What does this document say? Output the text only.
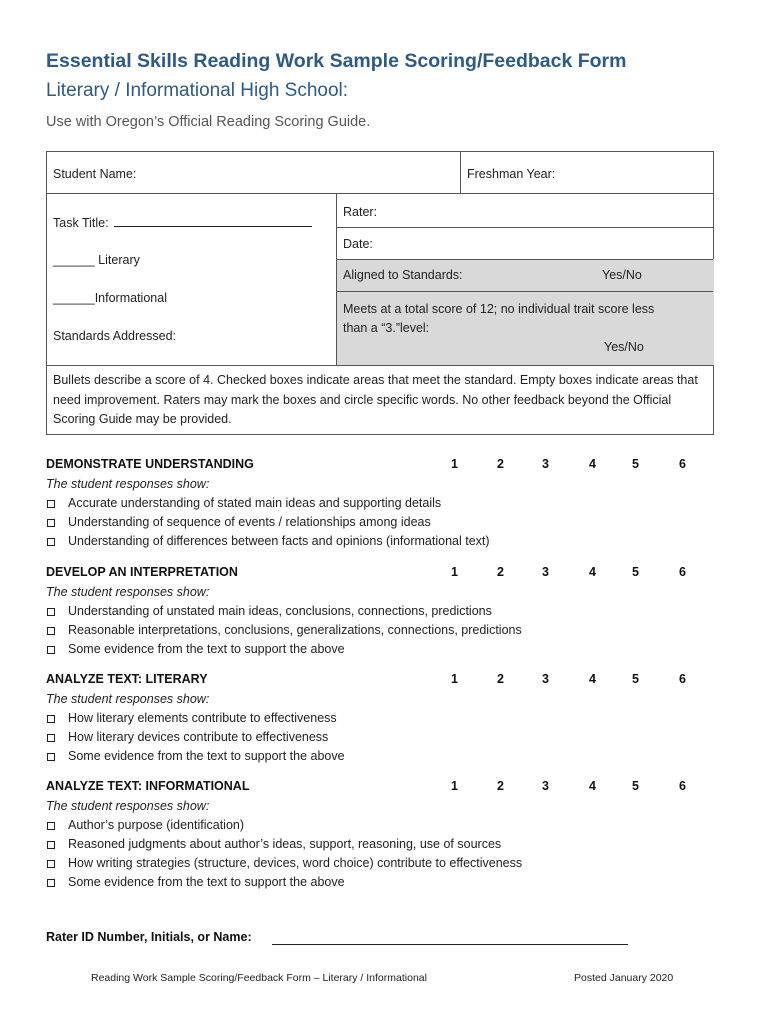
Essential Skills Reading Work Sample Scoring/Feedback Form
Literary / Informational High School:
Use with Oregon’s Official Reading Scoring Guide.
Student Name:	Freshman Year:
Task Title:
______ Literary
______Informational
Standards Addressed:
Rater:
Date:
Aligned to Standards:	Yes/No
Meets at a total score of 12; no individual trait score less
than a “3.”level:
Yes/No
Bullets describe a score of 4. Checked boxes indicate areas that meet the standard. Empty boxes indicate areas that need improvement. Raters may mark the boxes and circle specific words. No other feedback beyond the Official Scoring Guide may be provided.
DEMONSTRATE UNDERSTANDING	1	2	3	4	5	6
The student responses show:
Accurate understanding of stated main ideas and supporting details
Understanding of sequence of events / relationships among ideas
Understanding of differences between facts and opinions (informational text)
DEVELOP AN INTERPRETATION	1	2	3	4	5	6
The student responses show:
Understanding of unstated main ideas, conclusions, connections, predictions
Reasonable interpretations, conclusions, generalizations, connections, predictions
Some evidence from the text to support the above
ANALYZE TEXT: LITERARY	1	2	3	4	5	6
The student responses show:
How literary elements contribute to effectiveness
How literary devices contribute to effectiveness
Some evidence from the text to support the above
ANALYZE TEXT: INFORMATIONAL	1	2	3	4	5	6
The student responses show:
Author’s purpose (identification)
Reasoned judgments about author’s ideas, support, reasoning, use of sources
How writing strategies (structure, devices, word choice) contribute to effectiveness
Some evidence from the text to support the above
Rater ID Number, Initials, or Name:
Reading Work Sample Scoring/Feedback Form – Literary / Informational	Posted January 2020
